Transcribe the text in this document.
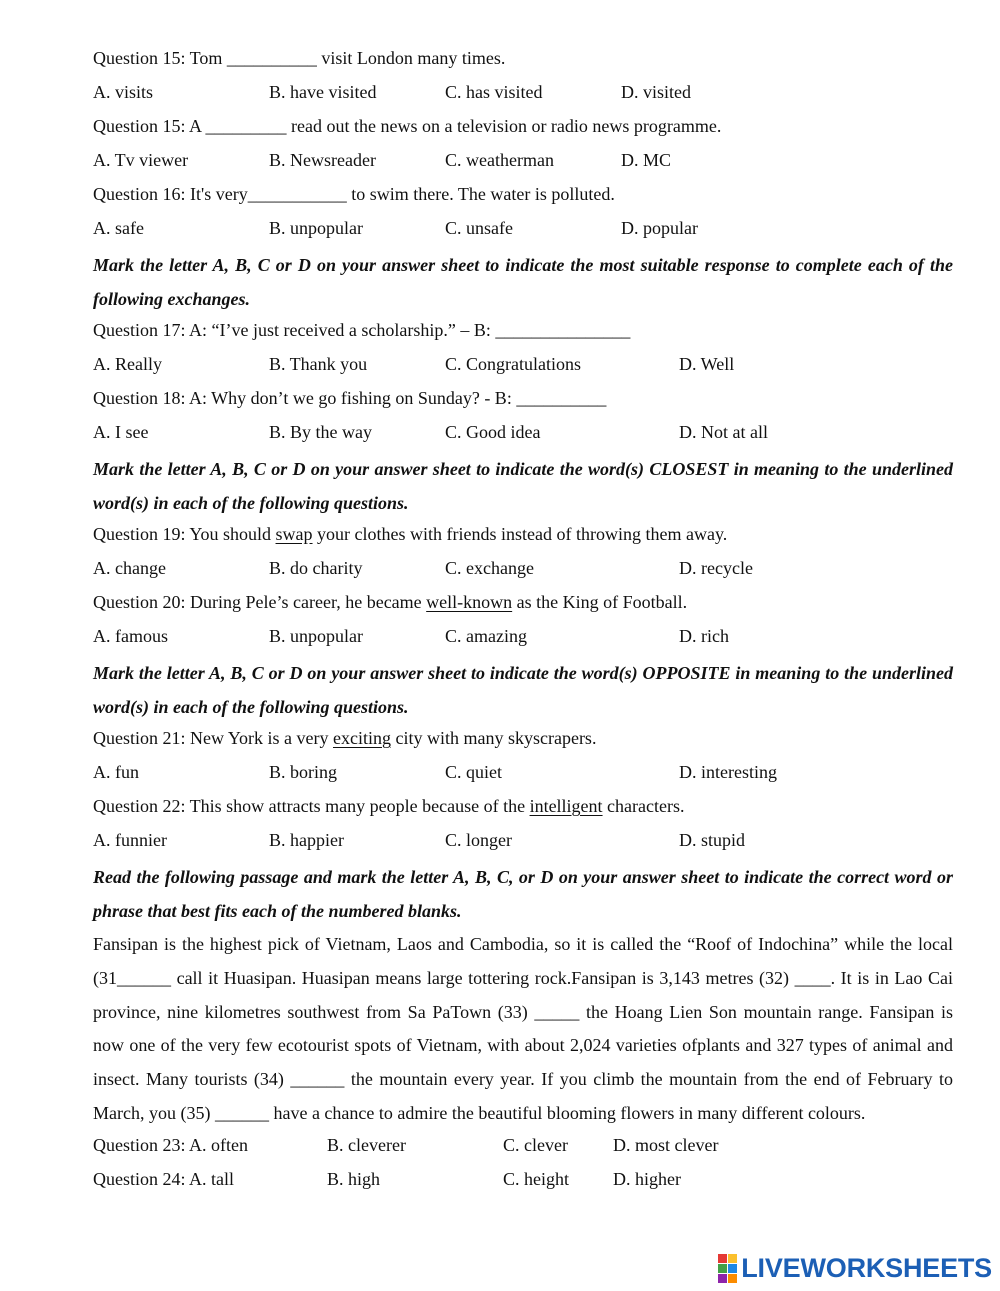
Question 15: Tom __________ visit London many times.
A. visits	B. have visited	C. has visited	D. visited
Question 15: A _________ read out the news on a television or radio news programme.
A. Tv viewer	B. Newsreader	C. weatherman	D. MC
Question 16: It's very___________ to swim there. The water is polluted.
A. safe	B. unpopular	C. unsafe	D. popular
Mark the letter A, B, C or D on your answer sheet to indicate the most suitable response to complete each of the following exchanges.
Question 17: A: “I’ve just received a scholarship.” – B: _______________
A. Really	B. Thank you	C. Congratulations	D. Well
Question 18: A: Why don’t we go fishing on Sunday? - B: __________
A. I see	B. By the way	C. Good idea	D. Not at all
Mark the letter A, B, C or D on your answer sheet to indicate the word(s) CLOSEST in meaning to the underlined word(s) in each of the following questions.
Question 19: You should swap your clothes with friends instead of throwing them away.
A. change	B. do charity	C. exchange	D. recycle
Question 20: During Pele’s career, he became well-known as the King of Football.
A. famous	B. unpopular	C. amazing	D. rich
Mark the letter A, B, C or D on your answer sheet to indicate the word(s) OPPOSITE in meaning to the underlined word(s) in each of the following questions.
Question 21: New York is a very exciting city with many skyscrapers.
A. fun	B. boring	C. quiet	D. interesting
Question 22: This show attracts many people because of the intelligent characters.
A. funnier	B. happier	C. longer	D. stupid
Read the following passage and mark the letter A, B, C, or D on your answer sheet to indicate the correct word or phrase that best fits each of the numbered blanks.
Fansipan is the highest pick of Vietnam, Laos and Cambodia, so it is called the “Roof of Indochina” while the local (31______ call it Huasipan. Huasipan means large tottering rock.Fansipan is 3,143 metres (32) ____. It is in Lao Cai province, nine kilometres southwest from Sa PaTown (33) _____ the Hoang Lien Son mountain range. Fansipan is now one of the very few ecotourist spots of Vietnam, with about 2,024 varieties ofplants and 327 types of animal and insect. Many tourists (34) ______ the mountain every year. If you climb the mountain from the end of February to March, you (35) ______ have a chance to admire the beautiful blooming flowers in many different colours.
Question 23: A. often	B. cleverer	C. clever	D. most clever
Question 24: A. tall	B. high	C. height D. higher
LIVEWORKSHEETS
